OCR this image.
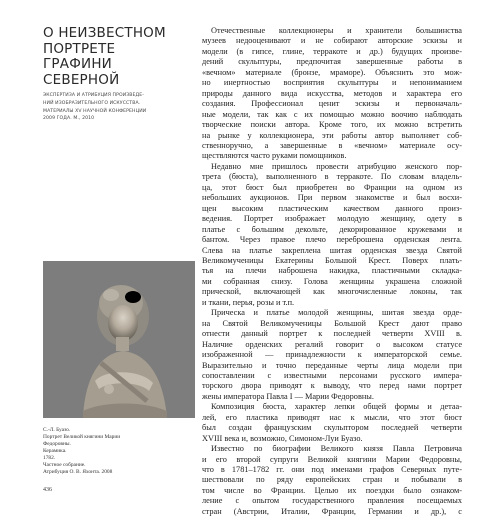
О НЕИЗВЕСТНОМ
ПОРТРЕТЕ
ГРАФИНИ
СЕВЕРНОЙ
ЭКСПЕРТИЗА И АТРИБУЦИЯ ПРОИЗВЕДЕ-
НИЙ ИЗОБРАЗИТЕЛЬНОГО ИСКУССТВА.
МАТЕРИАЛЫ XV НАУЧНОЙ КОНФЕРЕНЦИИ
2009 ГОДА. М., 2010
С.-Л. Буазо.
Портрет Великой княгини Марии
Федоровны.
Керамика.
1782.
Частное собрание.
Атрибуция О. В. Яхонта. 2008
436

Отечественные коллекционеры и хранители большинства
музеев недооценивают и не собирают авторские эскизы и
модели (в гипсе, глине, терракоте и др.) будущих произве-
дений скульптуры, предпочитая завершенные работы в
«вечном» материале (бронзе, мраморе). Объяснить это мож-
но инертностью восприятия скульптуры и непониманием
природы данного вида искусства, методов и характера его
создания. Профессионал ценит эскизы и первоначаль-
ные модели, так как с их помощью можно воочию наблюдать
творческие поиски автора. Кроме того, их можно встретить
на рынке у коллекционера, эти работы автор выполняет соб-
ственноручно, а завершенные в «вечном» материале осу-
ществляются часто руками помощников.
Недавно мне пришлось провести атрибуцию женского пор-
трета (бюста), выполненного в терракоте. По словам владель-
ца, этот бюст был приобретен во Франции на одном из
небольших аукционов. При первом знакомстве и был восхи-
щен высоким пластическим качеством данного произ-
ведения. Портрет изображает молодую женщину, одету в
платье с большим декольте, декорированное кружевами и
бантом. Через правое плечо переброшена орденская лента.
Слева на платье закреплена шитая орденская звезда Святой
Великомученицы Екатерины Большой Крест. Поверх плать-
тья на плечи наброшена накидка, пластичными складка-
ми собранная снизу. Голова женщины украшена сложной
прической, включающей как многочисленные локоны, так
и ткани, перья, розы и т.п.
Прическа и платье молодой женщины, шитая звезда орде-
на Святой Великомученицы Большой Крест дают право
отнести данный портрет к последней четверти XVIII в.
Наличие орденских регалий говорит о высоком статусе
изображенной — принадлежности к императорской семье.
Выразительно и точно переданные черты лица модели при
сопоставлении с известными персонами русского импера-
торского двора приводят к выводу, что перед нами портрет
жены императора Павла I — Марии Федоровны.
Композиция бюста, характер лепки общей формы и детаa-
лей, его пластика приводят нас к мысли, что этот бюст
был создан французским скульптором последней четверти
XVIII века и, возможно, Симоном-Луи Буазо.
Известно по биографии Великого князя Павла Петровича
и его второй супруги Великой княгини Марии Федоровны,
что в 1781–1782 гг. они под именами графов Северных путе-
шествовали по ряду европейских стран и побывали в
том числе во Франции. Целью их поездки было ознаком-
ление с опытом государственного правления посещаемых
стран (Австрии, Италии, Франции, Германии и др.), с
